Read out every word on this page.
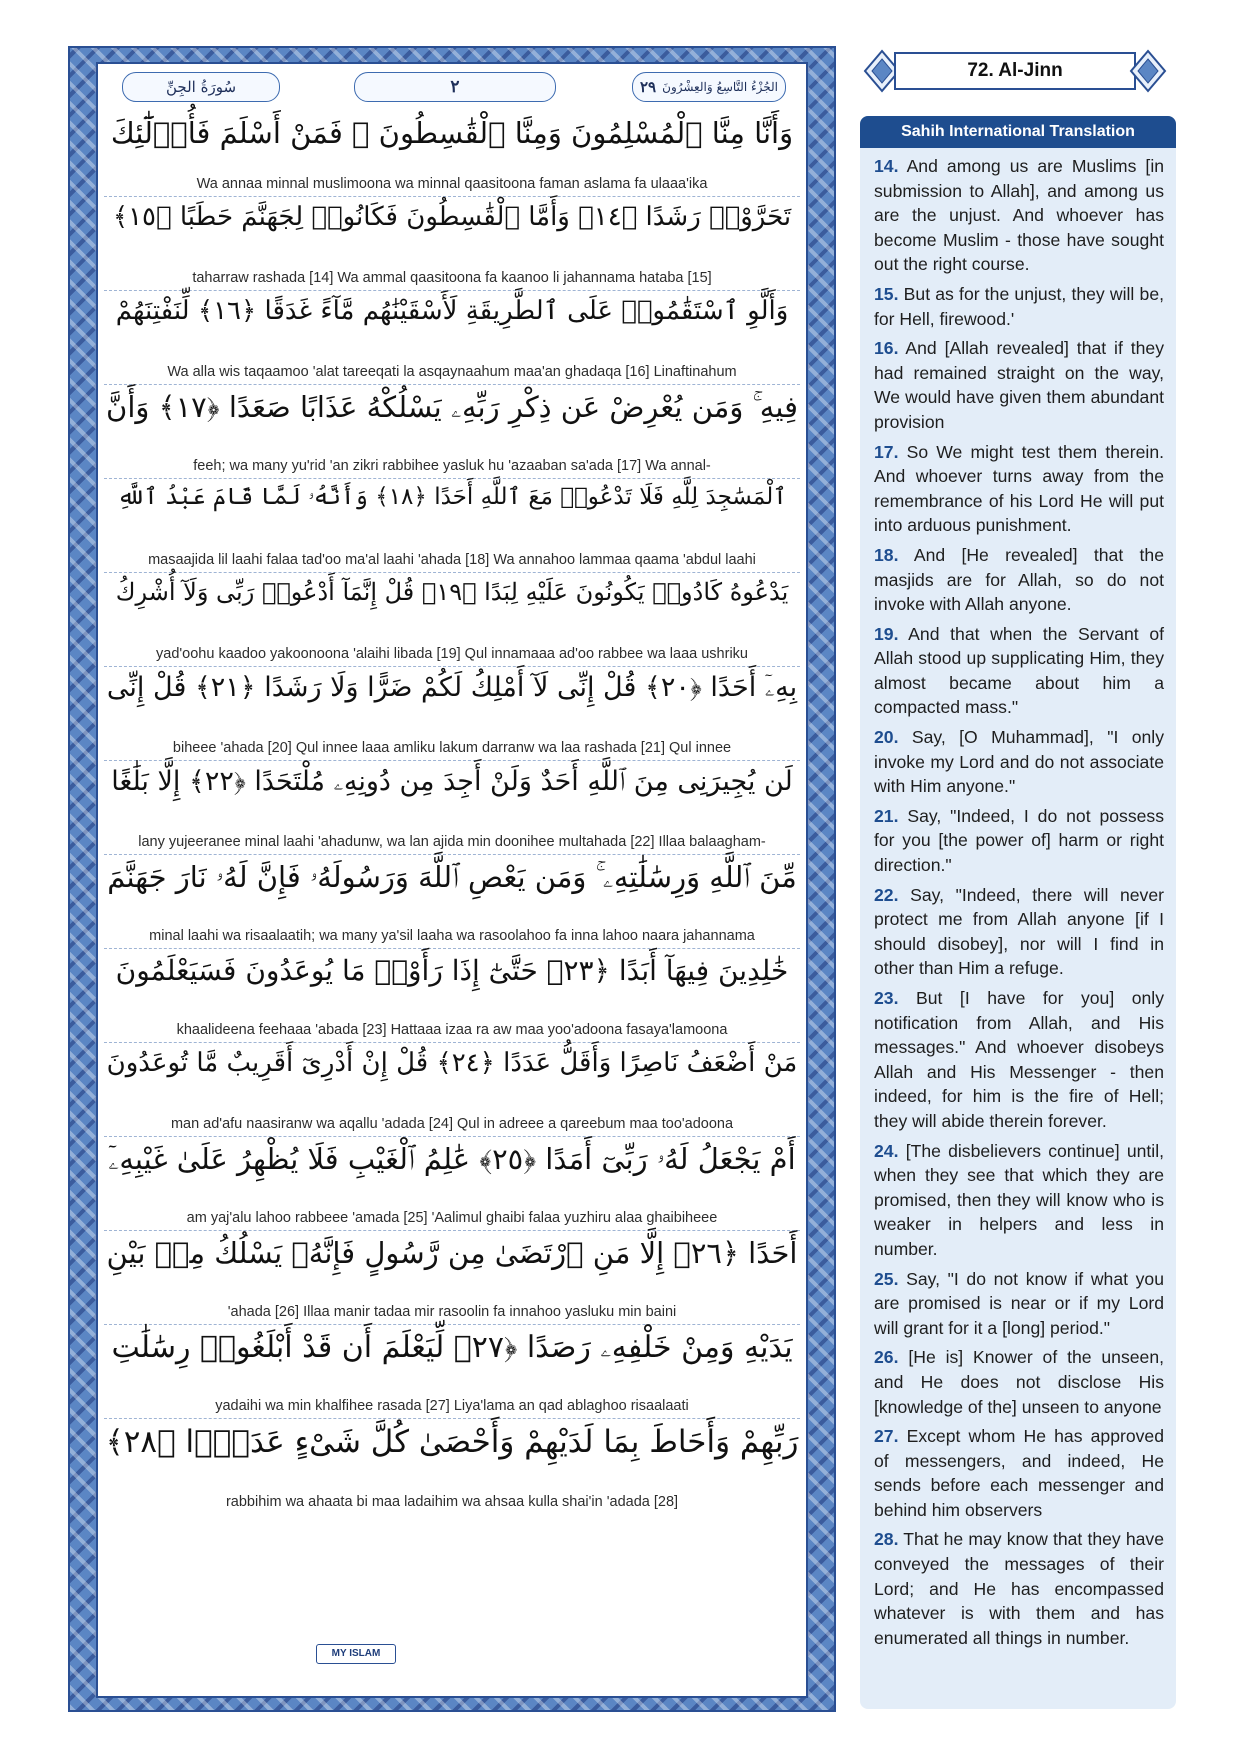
سُورَةُ الجِنِّ	٢	٢٩ الجُزْءُ التَّاسِعُ وَالعِشْرُونَ
وَأَنَّا مِنَّا ٱلْمُسْلِمُونَ وَمِنَّا ٱلْقَٰسِطُونَ ۖ فَمَنْ أَسْلَمَ فَأُو۟لَٰٓئِكَ
Wa annaa minnal muslimoona wa minnal qaasitoona faman aslama fa ulaaa'ika
تَحَرَّوْا۟ رَشَدًا ﴿١٤﴾ وَأَمَّا ٱلْقَٰسِطُونَ فَكَانُوا۟ لِجَهَنَّمَ حَطَبًا ﴿١٥﴾
taharraw rashada [14] Wa ammal qaasitoona fa kaanoo li jahannama hataba [15]
وَأَلَّوِ ٱسْتَقَٰمُوا۟ عَلَى ٱلطَّرِيقَةِ لَأَسْقَيْنَٰهُم مَّآءً غَدَقًا ﴿١٦﴾ لِّنَفْتِنَهُمْ
Wa alla wis taqaamoo 'alat tareeqati la asqaynaahum maa'an ghadaqa [16] Linaftinahum
فِيهِ ۚ وَمَن يُعْرِضْ عَن ذِكْرِ رَبِّهِۦ يَسْلُكْهُ عَذَابًا صَعَدًا ﴿١٧﴾ وَأَنَّ
feeh; wa many yu'rid 'an zikri rabbihee yasluk hu 'azaaban sa'ada [17] Wa annal-
ٱلْمَسَٰجِدَ لِلَّهِ فَلَا تَدْعُوا۟ مَعَ ٱللَّهِ أَحَدًا ﴿١٨﴾ وَأَنَّهُۥ لَمَّا قَامَ عَبْدُ ٱللَّهِ
masaajida lil laahi falaa tad'oo ma'al laahi 'ahada [18] Wa annahoo lammaa qaama 'abdul laahi
يَدْعُوهُ كَادُوا۟ يَكُونُونَ عَلَيْهِ لِبَدًا ﴿١٩﴾ قُلْ إِنَّمَآ أَدْعُوا۟ رَبِّى وَلَآ أُشْرِكُ
yad'oohu kaadoo yakoonoona 'alaihi libada [19] Qul innamaaa ad'oo rabbee wa laaa ushriku
بِهِۦٓ أَحَدًا ﴿٢٠﴾ قُلْ إِنِّى لَآ أَمْلِكُ لَكُمْ ضَرًّا وَلَا رَشَدًا ﴿٢١﴾ قُلْ إِنِّى
biheee 'ahada [20] Qul innee laaa amliku lakum darranw wa laa rashada [21] Qul innee
لَن يُجِيرَنِى مِنَ ٱللَّهِ أَحَدٌ وَلَنْ أَجِدَ مِن دُونِهِۦ مُلْتَحَدًا ﴿٢٢﴾ إِلَّا بَلَٰغًا
lany yujeeranee minal laahi 'ahadunw, wa lan ajida min doonihee multahada [22] Illaa balaagham-
مِّنَ ٱللَّهِ وَرِسَٰلَٰتِهِۦ ۚ وَمَن يَعْصِ ٱللَّهَ وَرَسُولَهُۥ فَإِنَّ لَهُۥ نَارَ جَهَنَّمَ
minal laahi wa risaalaatih; wa many ya'sil laaha wa rasoolahoo fa inna lahoo naara jahannama
خَٰلِدِينَ فِيهَآ أَبَدًا ﴿٢٣﴾ حَتَّىٰٓ إِذَا رَأَوْا۟ مَا يُوعَدُونَ فَسَيَعْلَمُونَ
khaalideena feehaaa 'abada [23] Hattaaa izaa ra aw maa yoo'adoona fasaya'lamoona
مَنْ أَضْعَفُ نَاصِرًا وَأَقَلُّ عَدَدًا ﴿٢٤﴾ قُلْ إِنْ أَدْرِىٓ أَقَرِيبٌ مَّا تُوعَدُونَ
man ad'afu naasiranw wa aqallu 'adada [24] Qul in adreee a qareebum maa too'adoona
أَمْ يَجْعَلُ لَهُۥ رَبِّىٓ أَمَدًا ﴿٢٥﴾ عَٰلِمُ ٱلْغَيْبِ فَلَا يُظْهِرُ عَلَىٰ غَيْبِهِۦٓ
am yaj'alu lahoo rabbeee 'amada [25] 'Aalimul ghaibi falaa yuzhiru alaa ghaibiheee
أَحَدًا ﴿٢٦﴾ إِلَّا مَنِ ٱرْتَضَىٰ مِن رَّسُولٍ فَإِنَّهُۥ يَسْلُكُ مِنۢ بَيْنِ
'ahada [26] Illaa manir tadaa mir rasoolin fa innahoo yasluku min baini
يَدَيْهِ وَمِنْ خَلْفِهِۦ رَصَدًا ﴿٢٧﴾ لِّيَعْلَمَ أَن قَدْ أَبْلَغُوا۟ رِسَٰلَٰتِ
yadaihi wa min khalfihee rasada [27] Liya'lama an qad ablaghoo risaalaati
رَبِّهِمْ وَأَحَاطَ بِمَا لَدَيْهِمْ وَأَحْصَىٰ كُلَّ شَىْءٍ عَدَدًۢا ﴿٢٨﴾
rabbihim wa ahaata bi maa ladaihim wa ahsaa kulla shai'in 'adada [28]
MY ISLAM
72. Al-Jinn
Sahih International Translation

14. And among us are Muslims [in submission to Allah], and among us are the unjust. And whoever has become Muslim - those have sought out the right course.

15. But as for the unjust, they will be, for Hell, firewood.'

16. And [Allah revealed] that if they had remained straight on the way, We would have given them abundant provision

17. So We might test them therein. And whoever turns away from the remembrance of his Lord He will put into arduous punishment.

18. And [He revealed] that the masjids are for Allah, so do not invoke with Allah anyone.

19. And that when the Servant of Allah stood up supplicating Him, they almost became about him a compacted mass."

20. Say, [O Muhammad], "I only invoke my Lord and do not associate with Him anyone."

21. Say, "Indeed, I do not possess for you [the power of] harm or right direction."

22. Say, "Indeed, there will never protect me from Allah anyone [if I should disobey], nor will I find in other than Him a refuge.

23. But [I have for you] only notification from Allah, and His messages." And whoever disobeys Allah and His Messenger - then indeed, for him is the fire of Hell; they will abide therein forever.

24. [The disbelievers continue] until, when they see that which they are promised, then they will know who is weaker in helpers and less in number.

25. Say, "I do not know if what you are promised is near or if my Lord will grant for it a [long] period."

26. [He is] Knower of the unseen, and He does not disclose His [knowledge of the] unseen to anyone

27. Except whom He has approved of messengers, and indeed, He sends before each messenger and behind him observers

28. That he may know that they have conveyed the messages of their Lord; and He has encompassed whatever is with them and has enumerated all things in number.
